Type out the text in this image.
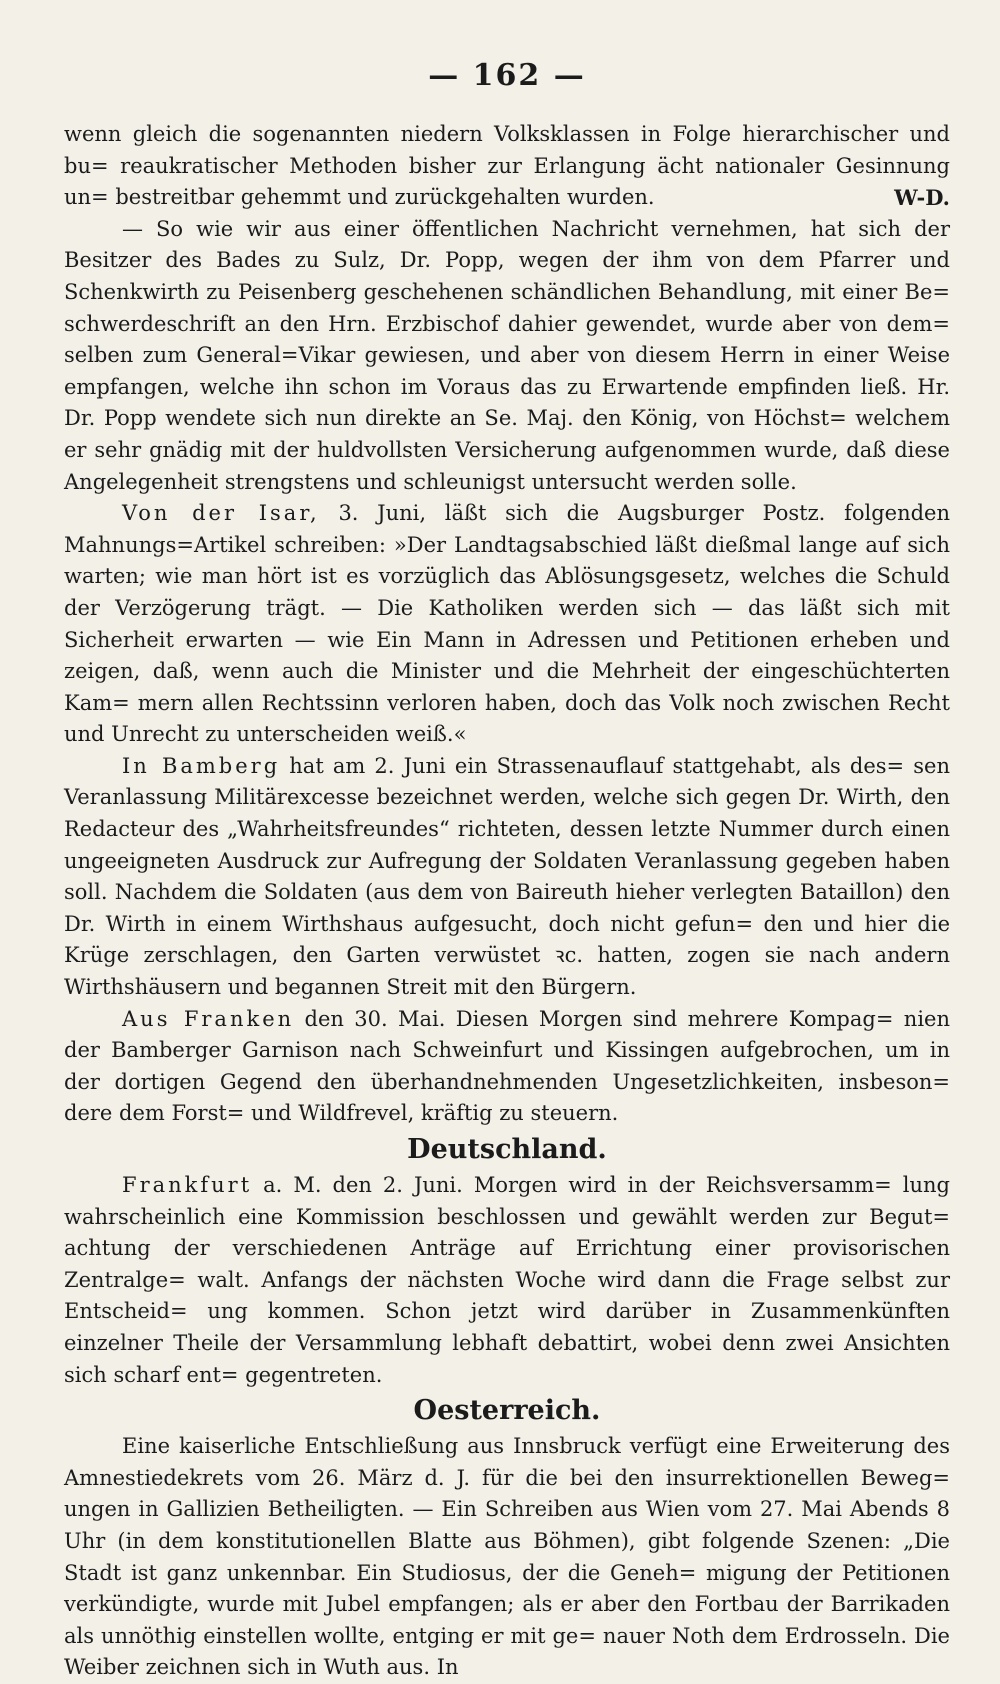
— 162 —

wenn gleich die sogenannten niedern Volksklassen in Folge hierarchischer und bu= reaukratischer Methoden bisher zur Erlangung ächt nationaler Gesinnung un= bestreitbar gehemmt und zurückgehalten wurden.	W-D.

— So wie wir aus einer öffentlichen Nachricht vernehmen, hat sich der Besitzer des Bades zu Sulz, Dr. Popp, wegen der ihm von dem Pfarrer und Schenkwirth zu Peisenberg geschehenen schändlichen Behandlung, mit einer Be= schwerdeschrift an den Hrn. Erzbischof dahier gewendet, wurde aber von dem= selben zum General=Vikar gewiesen, und aber von diesem Herrn in einer Weise empfangen, welche ihn schon im Voraus das zu Erwartende empfinden ließ. Hr. Dr. Popp wendete sich nun direkte an Se. Maj. den König, von Höchst= welchem er sehr gnädig mit der huldvollsten Versicherung aufgenommen wurde, daß diese Angelegenheit strengstens und schleunigst untersucht werden solle.

Von der Isar, 3. Juni, läßt sich die Augsburger Postz. folgenden Mahnungs=Artikel schreiben: »Der Landtagsabschied läßt dießmal lange auf sich warten; wie man hört ist es vorzüglich das Ablösungsgesetz, welches die Schuld der Verzögerung trägt. — Die Katholiken werden sich — das läßt sich mit Sicherheit erwarten — wie Ein Mann in Adressen und Petitionen erheben und zeigen, daß, wenn auch die Minister und die Mehrheit der eingeschüchterten Kam= mern allen Rechtssinn verloren haben, doch das Volk noch zwischen Recht und Unrecht zu unterscheiden weiß.«

In Bamberg hat am 2. Juni ein Strassenauflauf stattgehabt, als des= sen Veranlassung Militärexcesse bezeichnet werden, welche sich gegen Dr. Wirth, den Redacteur des „Wahrheitsfreundes“ richteten, dessen letzte Nummer durch einen ungeeigneten Ausdruck zur Aufregung der Soldaten Veranlassung gegeben haben soll. Nachdem die Soldaten (aus dem von Baireuth hieher verlegten Bataillon) den Dr. Wirth in einem Wirthshaus aufgesucht, doch nicht gefun= den und hier die Krüge zerschlagen, den Garten verwüstet ꝛc. hatten, zogen sie nach andern Wirthshäusern und begannen Streit mit den Bürgern.

Aus Franken den 30. Mai. Diesen Morgen sind mehrere Kompag= nien der Bamberger Garnison nach Schweinfurt und Kissingen aufgebrochen, um in der dortigen Gegend den überhandnehmenden Ungesetzlichkeiten, insbeson= dere dem Forst= und Wildfrevel, kräftig zu steuern.

Deutschland.

Frankfurt a. M. den 2. Juni. Morgen wird in der Reichsversamm= lung wahrscheinlich eine Kommission beschlossen und gewählt werden zur Begut= achtung der verschiedenen Anträge auf Errichtung einer provisorischen Zentralge= walt. Anfangs der nächsten Woche wird dann die Frage selbst zur Entscheid= ung kommen. Schon jetzt wird darüber in Zusammenkünften einzelner Theile der Versammlung lebhaft debattirt, wobei denn zwei Ansichten sich scharf ent= gegentreten.

Oesterreich.

Eine kaiserliche Entschließung aus Innsbruck verfügt eine Erweiterung des Amnestiedekrets vom 26. März d. J. für die bei den insurrektionellen Beweg= ungen in Gallizien Betheiligten. — Ein Schreiben aus Wien vom 27. Mai Abends 8 Uhr (in dem konstitutionellen Blatte aus Böhmen), gibt folgende Szenen: „Die Stadt ist ganz unkennbar. Ein Studiosus, der die Geneh= migung der Petitionen verkündigte, wurde mit Jubel empfangen; als er aber den Fortbau der Barrikaden als unnöthig einstellen wollte, entging er mit ge= nauer Noth dem Erdrosseln. Die Weiber zeichnen sich in Wuth aus. In
